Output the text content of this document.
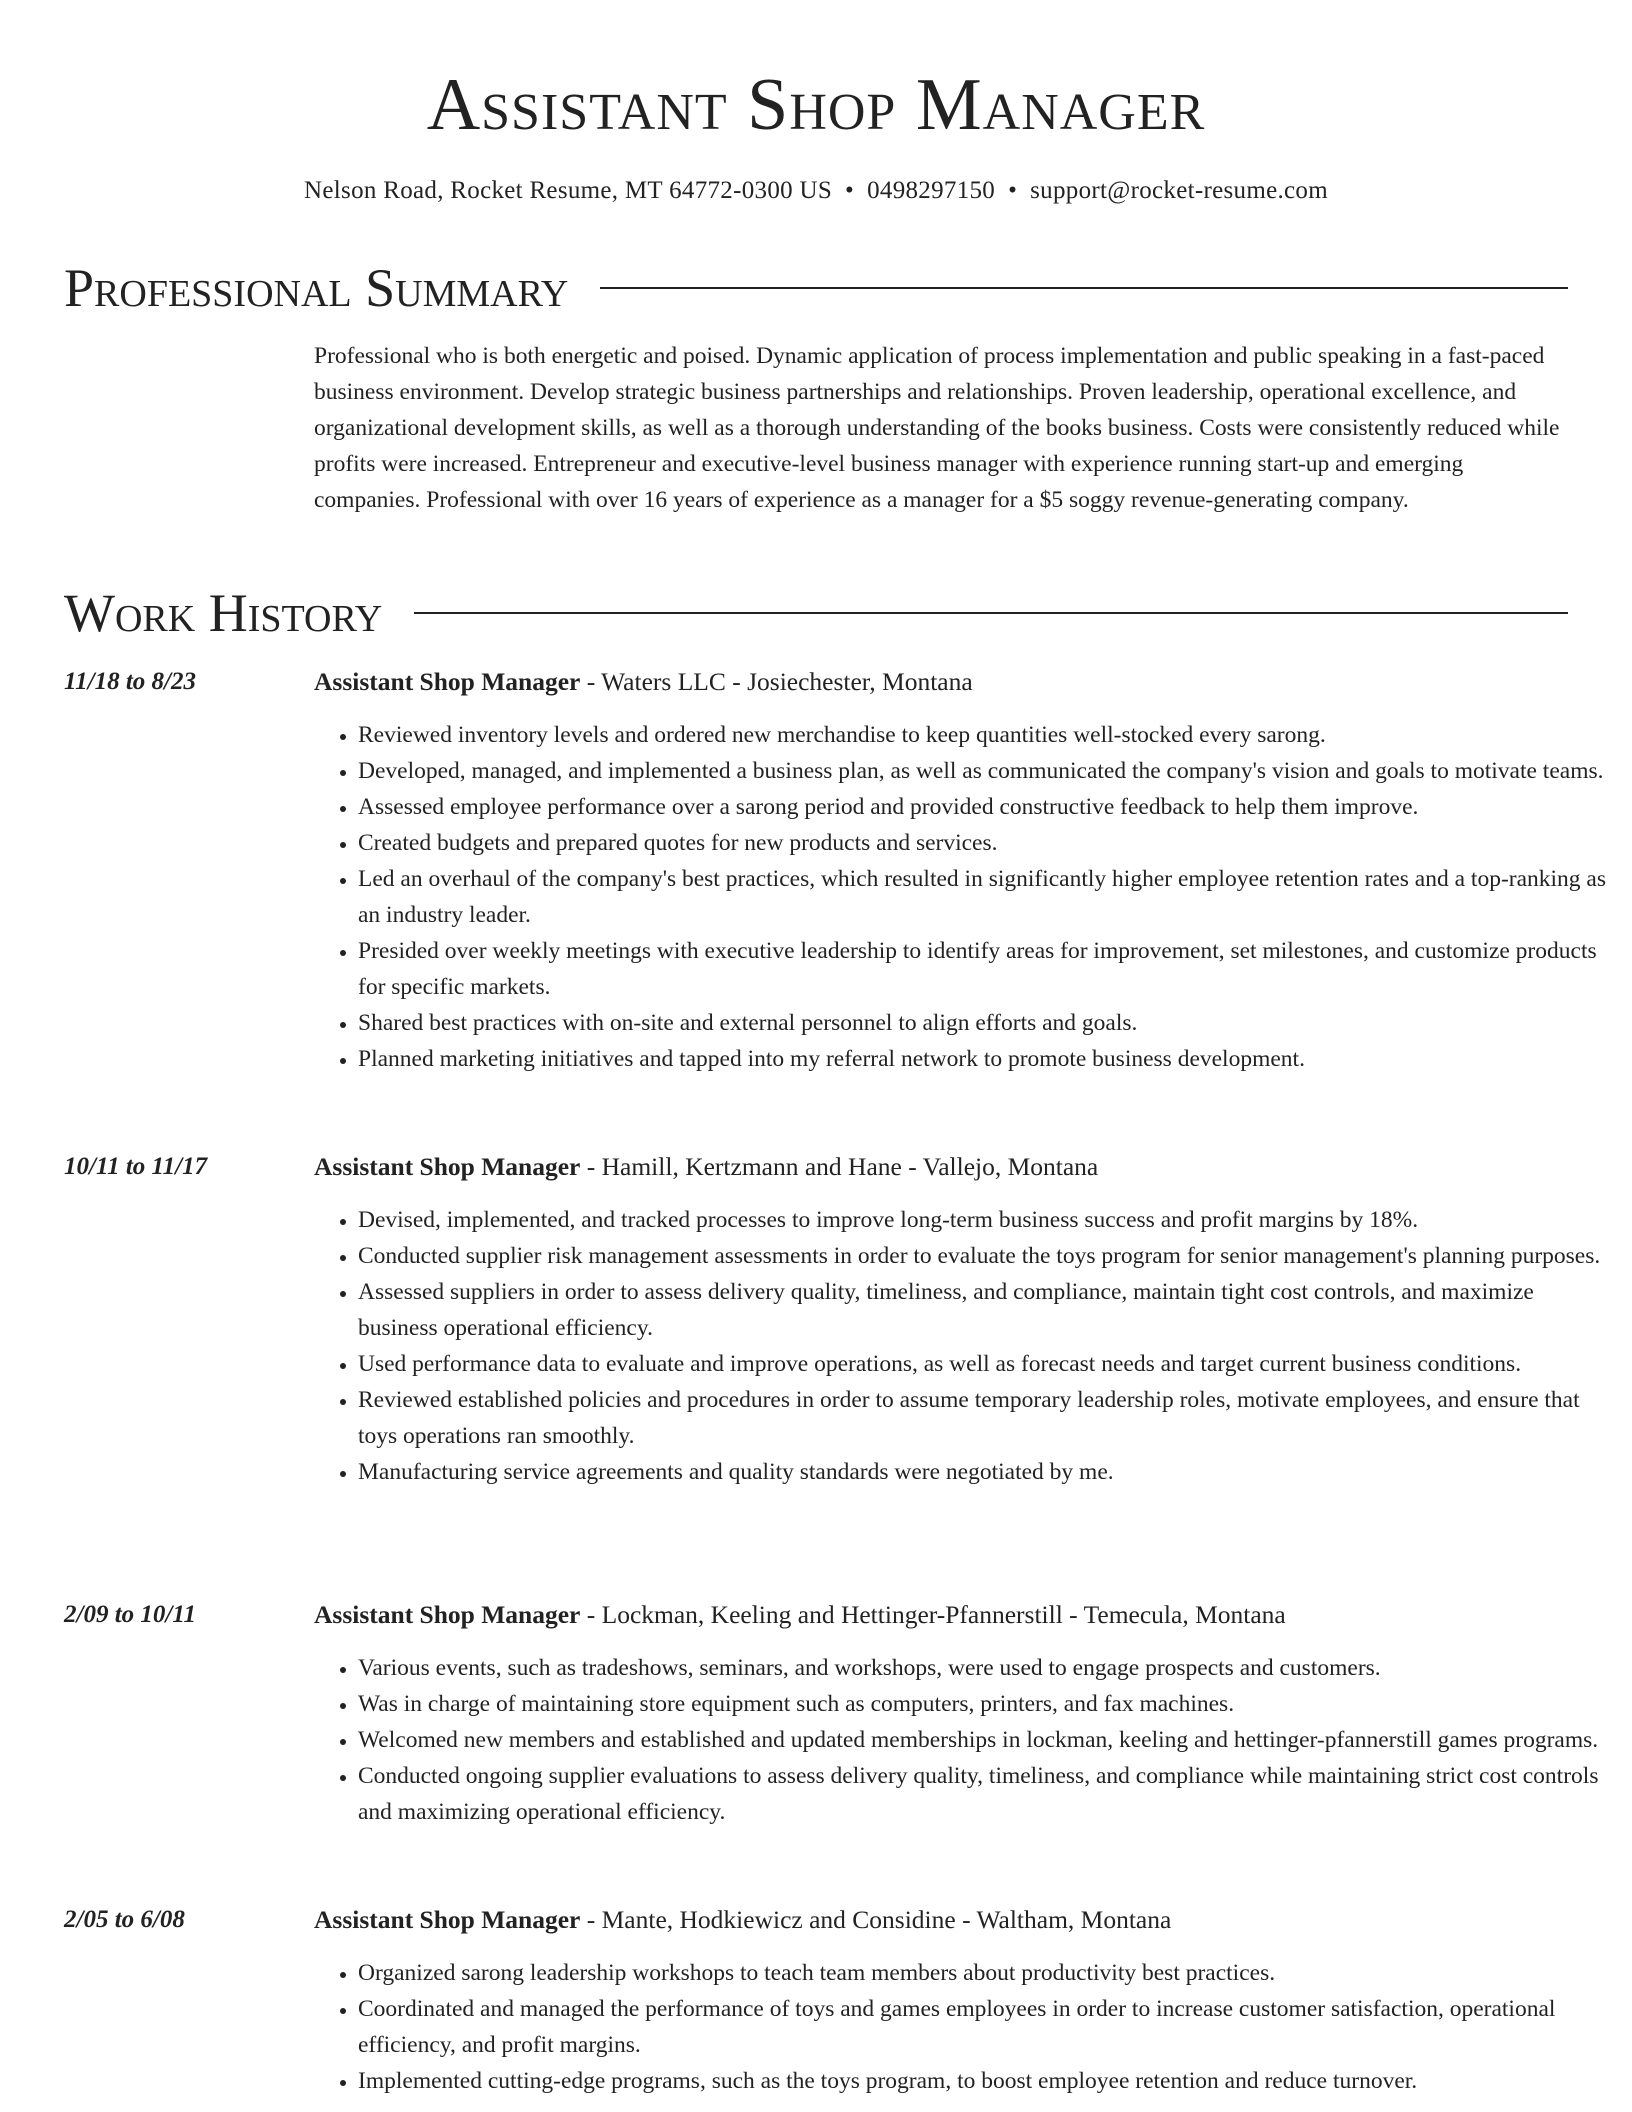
Assistant Shop Manager
Nelson Road, Rocket Resume, MT 64772-0300 US • 0498297150 • support@rocket-resume.com
Professional Summary

Professional who is both energetic and poised. Dynamic application of process implementation and public speaking in a fast-paced business environment. Develop strategic business partnerships and relationships. Proven leadership, operational excellence, and organizational development skills, as well as a thorough understanding of the books business. Costs were consistently reduced while profits were increased. Entrepreneur and executive-level business manager with experience running start-up and emerging companies. Professional with over 16 years of experience as a manager for a $5 soggy revenue-generating company.

Work History
11/18 to 8/23	Assistant Shop Manager - Waters LLC - Josiechester, Montana
• Reviewed inventory levels and ordered new merchandise to keep quantities well-stocked every sarong.
• Developed, managed, and implemented a business plan, as well as communicated the company's vision and goals to motivate teams.
• Assessed employee performance over a sarong period and provided constructive feedback to help them improve.
• Created budgets and prepared quotes for new products and services.
• Led an overhaul of the company's best practices, which resulted in significantly higher employee retention rates and a top-ranking as an industry leader.
• Presided over weekly meetings with executive leadership to identify areas for improvement, set milestones, and customize products for specific markets.
• Shared best practices with on-site and external personnel to align efforts and goals.
• Planned marketing initiatives and tapped into my referral network to promote business development.
10/11 to 11/17	Assistant Shop Manager - Hamill, Kertzmann and Hane - Vallejo, Montana
• Devised, implemented, and tracked processes to improve long-term business success and profit margins by 18%.
• Conducted supplier risk management assessments in order to evaluate the toys program for senior management's planning purposes.
• Assessed suppliers in order to assess delivery quality, timeliness, and compliance, maintain tight cost controls, and maximize business operational efficiency.
• Used performance data to evaluate and improve operations, as well as forecast needs and target current business conditions.
• Reviewed established policies and procedures in order to assume temporary leadership roles, motivate employees, and ensure that toys operations ran smoothly.
• Manufacturing service agreements and quality standards were negotiated by me.
2/09 to 10/11	Assistant Shop Manager - Lockman, Keeling and Hettinger-Pfannerstill - Temecula, Montana
• Various events, such as tradeshows, seminars, and workshops, were used to engage prospects and customers.
• Was in charge of maintaining store equipment such as computers, printers, and fax machines.
• Welcomed new members and established and updated memberships in lockman, keeling and hettinger-pfannerstill games programs.
• Conducted ongoing supplier evaluations to assess delivery quality, timeliness, and compliance while maintaining strict cost controls and maximizing operational efficiency.
2/05 to 6/08	Assistant Shop Manager - Mante, Hodkiewicz and Considine - Waltham, Montana
• Organized sarong leadership workshops to teach team members about productivity best practices.
• Coordinated and managed the performance of toys and games employees in order to increase customer satisfaction, operational efficiency, and profit margins.
• Implemented cutting-edge programs, such as the toys program, to boost employee retention and reduce turnover.
